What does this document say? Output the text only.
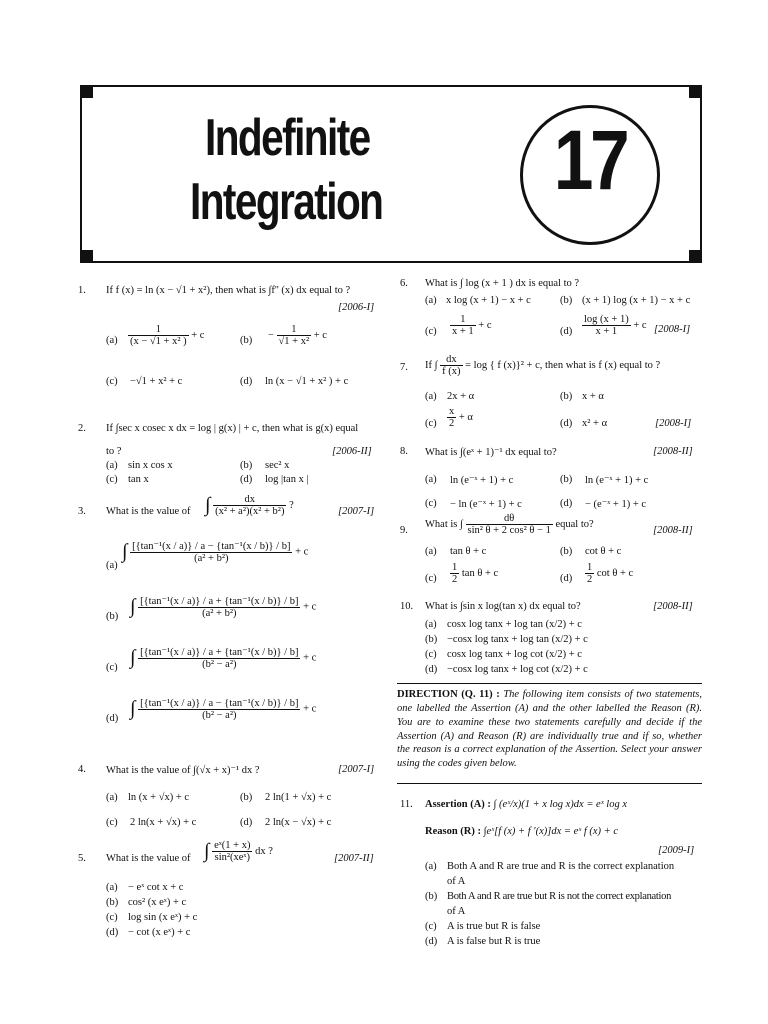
Indefinite
Integration 17
1. If f (x) = ln (x − √1 + x²), then what is ∫f'' (x) dx equal to ?
[2006-I]
$(a) \frac{1}{\text{(x − √1 + x² )}} + c$	$(b) - \frac{1}{\text{√1 + x²}} + c$
(c) −√1 + x² + c	(d) ln (x − √1 + x² ) + c
2. If ∫sec x cosec x dx = log | g(x) | + c, then what is g(x) equal
to ?	[2006-II]
(a) sin x cos x	(b) sec² x
(c) tan x	(d) log |tan x |
3. What is the value of ∫ $\frac{dx}{\text{(x² + a²)(x² + b²)}}$ ?
[2007-I]
(a)
∫ $\frac{\text{[\{tan⁻¹(x / a)\} / a − \{tan⁻¹(x / b)\} / b]}}{\text{(a² + b²)}} + c$
(b) ∫ $\frac{\text{[\{tan⁻¹(x / a)\} / a + \{tan⁻¹(x / b)\} / b]}}{\text{(a² + b²)}} + c$
(c) ∫ $\frac{\text{[\{tan⁻¹(x / a)\} / a + \{tan⁻¹(x / b)\} / b]}}{\text{(b² − a²)}} + c$
(d) ∫ $\frac{\text{[\{tan⁻¹(x / a)\} / a − \{tan⁻¹(x / b)\} / b]}}{\text{(b² − a²)}} + c$
4. What is the value of ∫(√x + x)⁻¹ dx ?	[2007-I]
(a) ln (x + √x) + c	(b) 2 ln(1 + √x) + c
(c) 2 ln(x + √x) + c	(d) 2 ln(x − √x) + c
5. What is the value of ∫ $\frac{\text{eˣ(1 + x)}}{\text{sin²(xeˣ)}}$ dx ?
[2007-II]
(a) − eˣ cot x + c
(b) cos² (x eˣ) + c
(c) log sin (x eˣ) + c
(d) − cot (x eˣ) + c
6. What is ∫ log (x + 1 ) dx is equal to ?
(a) x log (x + 1) − x + c	(b) (x + 1) log (x + 1) − x + c
$(c) \frac{1}{x + 1} + c$
$(d) \frac{\log (x + 1)}{x + 1} + c$ [2008-I]
7. If ∫ $\frac{dx}{f (x)} = \log$ { f (x)}² + c, then what is f (x) equal to ?
(a) 2x + α	(b) x + α
$(c) \frac{x}{2} + \alpha$
(d) x² + α	[2008-I]
8. What is ∫(eˣ + 1)⁻¹ dx equal to?	[2008-II]
(a) ln (e⁻ˣ + 1) + c	(b) ln (e⁻ˣ + 1) + c
(c) − ln (e⁻ˣ + 1) + c	(d) − (e⁻ˣ + 1) + c
9.
What is ∫ $\frac{d\theta}{\text{sin² θ + 2 cos² θ − 1}}$ equal to?
[2008-II]
(a) tan θ + c	(b) cot θ + c
$(c) \frac{1}{2}$ tan θ + c	$(d) \frac{1}{2}$ cot θ + c
10. What is ∫sin x log(tan x) dx equal to?	[2008-II]
(a) cosx log tanx + log tan (x/2) + c
(b) −cosx log tanx + log tan (x/2) + c
(c) cosx log tanx + log cot (x/2) + c
(d) −cosx log tanx + log cot (x/2) + c
DIRECTION (Q. 11) : The following item consists of two statements, one labelled the Assertion (A) and the other labelled the Reason (R). You are to examine these two statements carefully and decide if the Assertion (A) and Reason (R) are individually true and if so, whether the reason is a correct explanation of the Assertion. Select your answer using the codes given below.
11. Assertion (A) : ∫ (eˣ/x)(1 + x log x)dx = eˣ log x
Reason (R) : ∫eˣ[f (x) + f ′(x)]dx = eˣ f (x) + c
[2009-I]
(a) Both A and R are true and R is the correct explanation
of A
(b) Both A and R are true but R is not the correct explanation
of A
(c) A is true but R is false
(d) A is false but R is true
